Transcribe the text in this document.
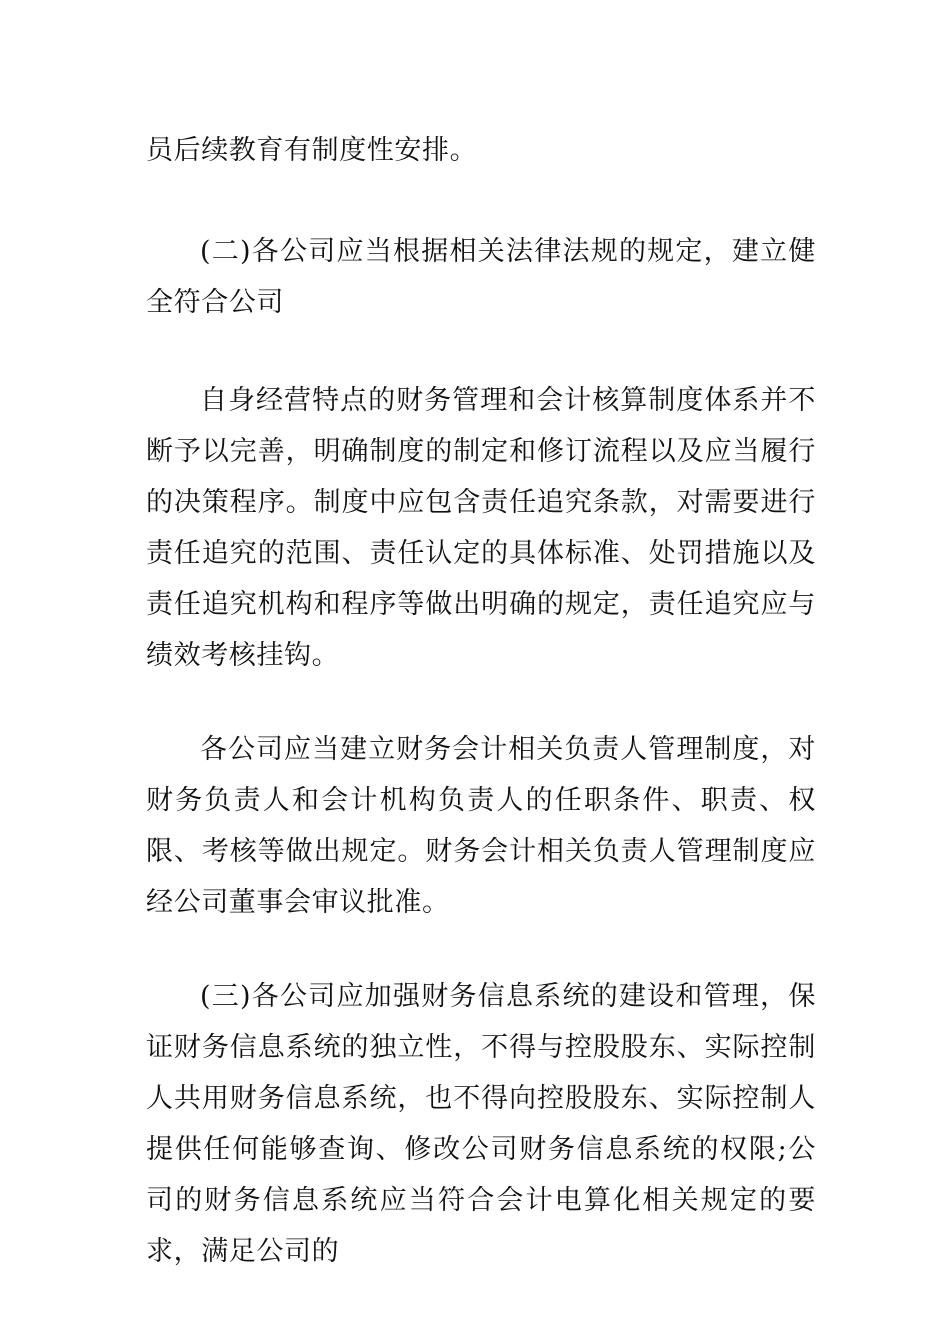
员后续教育有制度性安排。

(二)各公司应当根据相关法律法规的规定，建立健全符合公司

自身经营特点的财务管理和会计核算制度体系并不断予以完善，明确制度的制定和修订流程以及应当履行的决策程序。制度中应包含责任追究条款，对需要进行责任追究的范围、责任认定的具体标准、处罚措施以及责任追究机构和程序等做出明确的规定，责任追究应与绩效考核挂钩。

各公司应当建立财务会计相关负责人管理制度，对财务负责人和会计机构负责人的任职条件、职责、权限、考核等做出规定。财务会计相关负责人管理制度应经公司董事会审议批准。

(三)各公司应加强财务信息系统的建设和管理，保证财务信息系统的独立性，不得与控股股东、实际控制人共用财务信息系统，也不得向控股股东、实际控制人提供任何能够查询、修改公司财务信息系统的权限;公司的财务信息系统应当符合会计电算化相关规定的要求，满足公司的
